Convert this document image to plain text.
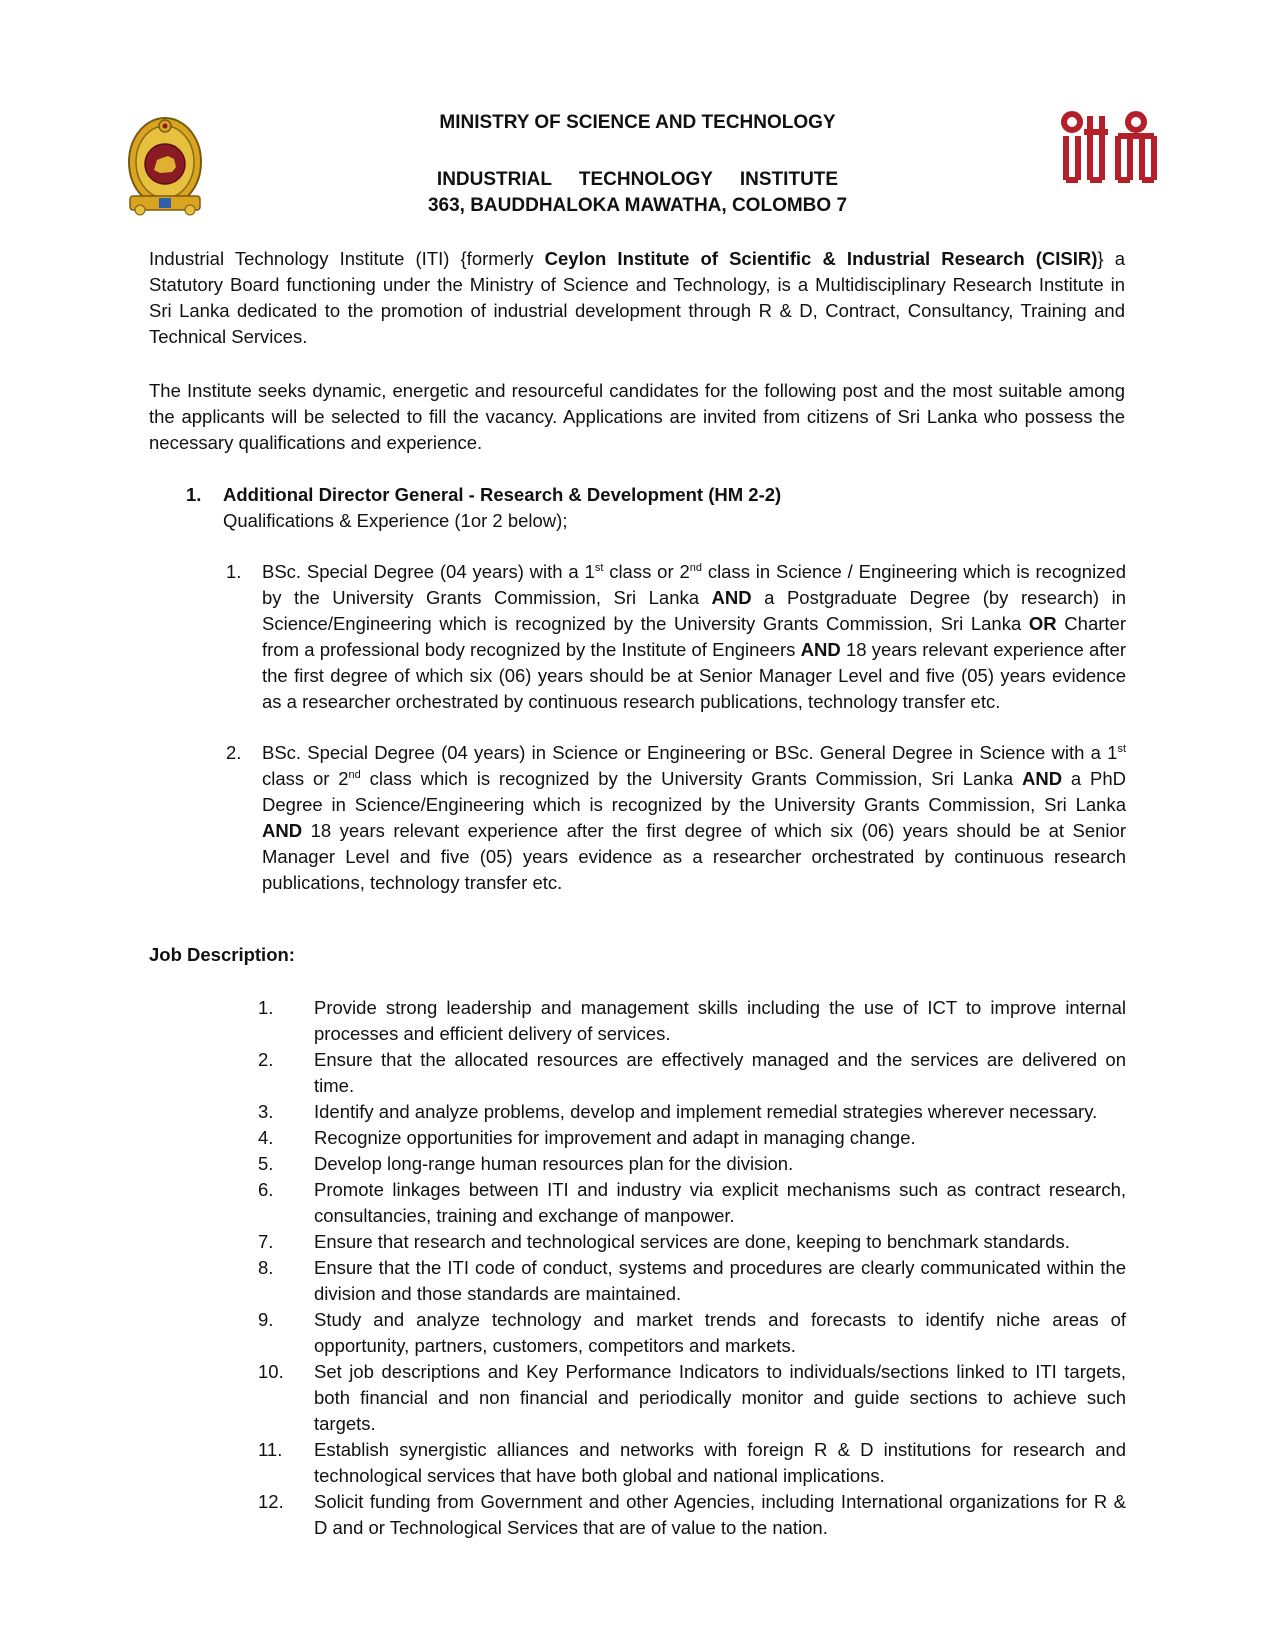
MINISTRY OF SCIENCE AND TECHNOLOGY
INDUSTRIAL TECHNOLOGY INSTITUTE
363, BAUDDHALOKA MAWATHA, COLOMBO 7
Industrial Technology Institute (ITI) {formerly Ceylon Institute of Scientific & Industrial Research (CISIR)} a Statutory Board functioning under the Ministry of Science and Technology, is a Multidisciplinary Research Institute in Sri Lanka dedicated to the promotion of industrial development through R & D, Contract, Consultancy, Training and Technical Services.
The Institute seeks dynamic, energetic and resourceful candidates for the following post and the most suitable among the applicants will be selected to fill the vacancy. Applications are invited from citizens of Sri Lanka who possess the necessary qualifications and experience.
1. Additional Director General - Research & Development (HM 2-2)
Qualifications & Experience (1or 2 below);
1. BSc. Special Degree (04 years) with a 1st class or 2nd class in Science / Engineering which is recognized by the University Grants Commission, Sri Lanka AND a Postgraduate Degree (by research) in Science/Engineering which is recognized by the University Grants Commission, Sri Lanka OR Charter from a professional body recognized by the Institute of Engineers AND 18 years relevant experience after the first degree of which six (06) years should be at Senior Manager Level and five (05) years evidence as a researcher orchestrated by continuous research publications, technology transfer etc.
2. BSc. Special Degree (04 years) in Science or Engineering or BSc. General Degree in Science with a 1st class or 2nd class which is recognized by the University Grants Commission, Sri Lanka AND a PhD Degree in Science/Engineering which is recognized by the University Grants Commission, Sri Lanka AND 18 years relevant experience after the first degree of which six (06) years should be at Senior Manager Level and five (05) years evidence as a researcher orchestrated by continuous research publications, technology transfer etc.
Job Description:
1. Provide strong leadership and management skills including the use of ICT to improve internal processes and efficient delivery of services.
2. Ensure that the allocated resources are effectively managed and the services are delivered on time.
3. Identify and analyze problems, develop and implement remedial strategies wherever necessary.
4. Recognize opportunities for improvement and adapt in managing change.
5. Develop long-range human resources plan for the division.
6. Promote linkages between ITI and industry via explicit mechanisms such as contract research, consultancies, training and exchange of manpower.
7. Ensure that research and technological services are done, keeping to benchmark standards.
8. Ensure that the ITI code of conduct, systems and procedures are clearly communicated within the division and those standards are maintained.
9. Study and analyze technology and market trends and forecasts to identify niche areas of opportunity, partners, customers, competitors and markets.
10. Set job descriptions and Key Performance Indicators to individuals/sections linked to ITI targets, both financial and non financial and periodically monitor and guide sections to achieve such targets.
11. Establish synergistic alliances and networks with foreign R & D institutions for research and technological services that have both global and national implications.
12. Solicit funding from Government and other Agencies, including International organizations for R & D and or Technological Services that are of value to the nation.
